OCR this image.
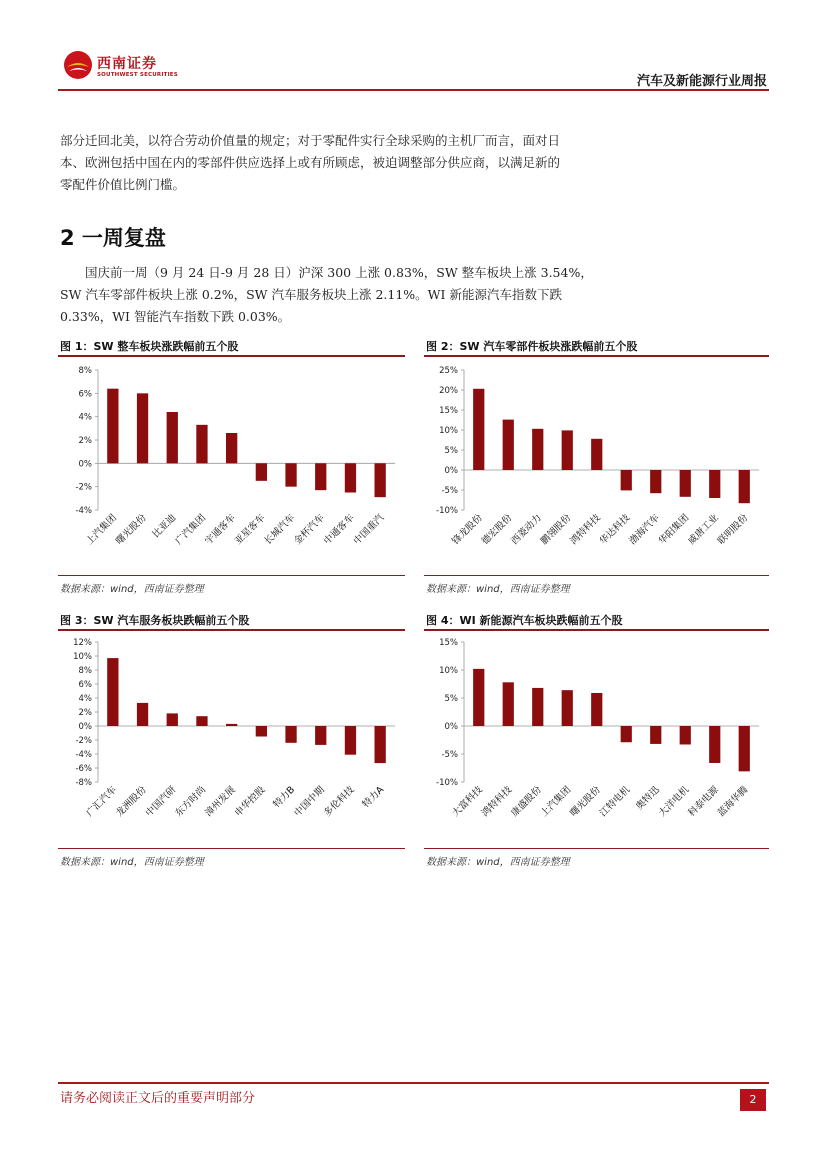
西南证券
SOUTHWEST SECURITIES	汽车及新能源行业周报

部分迁回北美，以符合劳动价值量的规定；对于零配件实行全球采购的主机厂而言，面对日

本、欧洲包括中国在内的零部件供应选择上或有所顾虑，被迫调整部分供应商，以满足新的

零配件价值比例门槛。

2 一周复盘

国庆前一周（9 月 24 日-9 月 28 日）沪深 300 上涨 0.83%，SW 整车板块上涨 3.54%，

SW 汽车零部件板块上涨 0.2%，SW 汽车服务板块上涨 2.11%。WI 新能源汽车指数下跌

0.33%，WI 智能汽车指数下跌 0.03%。

图 1：SW 整车板块涨跌幅前五个股
8%
6%
4%
2%
0%
-2%
-4%
上汽集团
曙光股份 比亚迪
广汽集团
宇通客车
亚星客车
长城汽车
金杯汽车
中通客车
中国重汽
数据来源：wind，西南证券整理
图 2：SW 汽车零部件板块涨跌幅前五个股
25%
20%
15%
10%
5%
0%
-5%
-10%
锋龙股份
德宏股份
西菱动力
鹏翎股份
鸿特科技
华达科技
渤海汽车
华阳集团
威唐工业
联明股份
数据来源：wind，西南证券整理
图 3：SW 汽车服务板块跌幅前五个股
12%
10%
8%
6%
4%
2%
0%
-2%
-4%
-6%
-8%
广汇汽车
龙洲股份
中国汽研
东方时尚
漳州发展
申华控股 特力B
中国中期
多伦科技 特力A
数据来源：wind，西南证券整理
图 4：WI 新能源汽车板块跌幅前五个股
15%
10%
5%
0%
-5%
-10%
大富科技
鸿特科技
康盛股份
上汽集团
曙光股份
江特电机 奥特迅
大洋电机
科泰电源
蓝海华腾
数据来源：wind，西南证券整理
请务必阅读正文后的重要声明部分	2
